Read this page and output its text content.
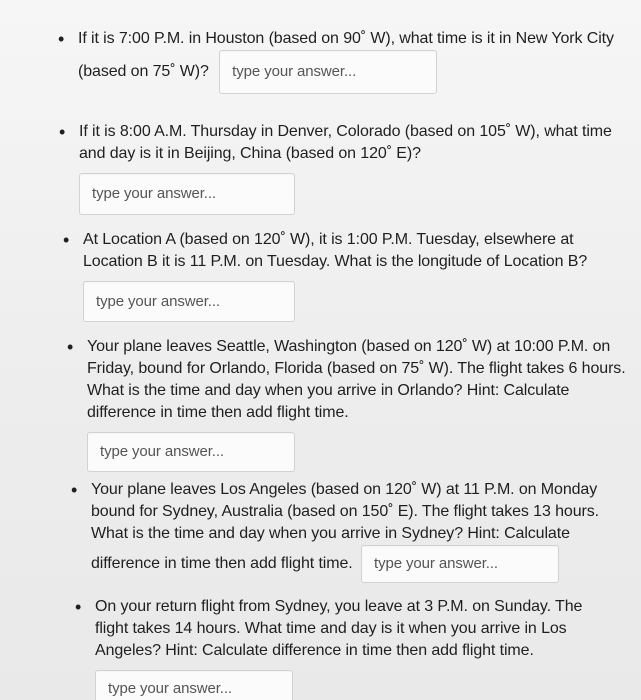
• If it is 7:00 P.M. in Houston (based on 90˚ W), what time is it in New York City (based on 75˚ W)? type your answer...
• If it is 8:00 A.M. Thursday in Denver, Colorado (based on 105˚ W), what time and day is it in Beijing, China (based on 120˚ E)?
type your answer...
• At Location A (based on 120˚ W), it is 1:00 P.M. Tuesday, elsewhere at Location B it is 11 P.M. on Tuesday. What is the longitude of Location B?
type your answer...
• Your plane leaves Seattle, Washington (based on 120˚ W) at 10:00 P.M. on Friday, bound for Orlando, Florida (based on 75˚ W). The flight takes 6 hours. What is the time and day when you arrive in Orlando? Hint: Calculate difference in time then add flight time.
type your answer...
• Your plane leaves Los Angeles (based on 120˚ W) at 11 P.M. on Monday bound for Sydney, Australia (based on 150˚ E). The flight takes 13 hours. What is the time and day when you arrive in Sydney? Hint: Calculate difference in time then add flight time. type your answer...
• On your return flight from Sydney, you leave at 3 P.M. on Sunday. The flight takes 14 hours. What time and day is it when you arrive in Los Angeles? Hint: Calculate difference in time then add flight time.
type your answer...
